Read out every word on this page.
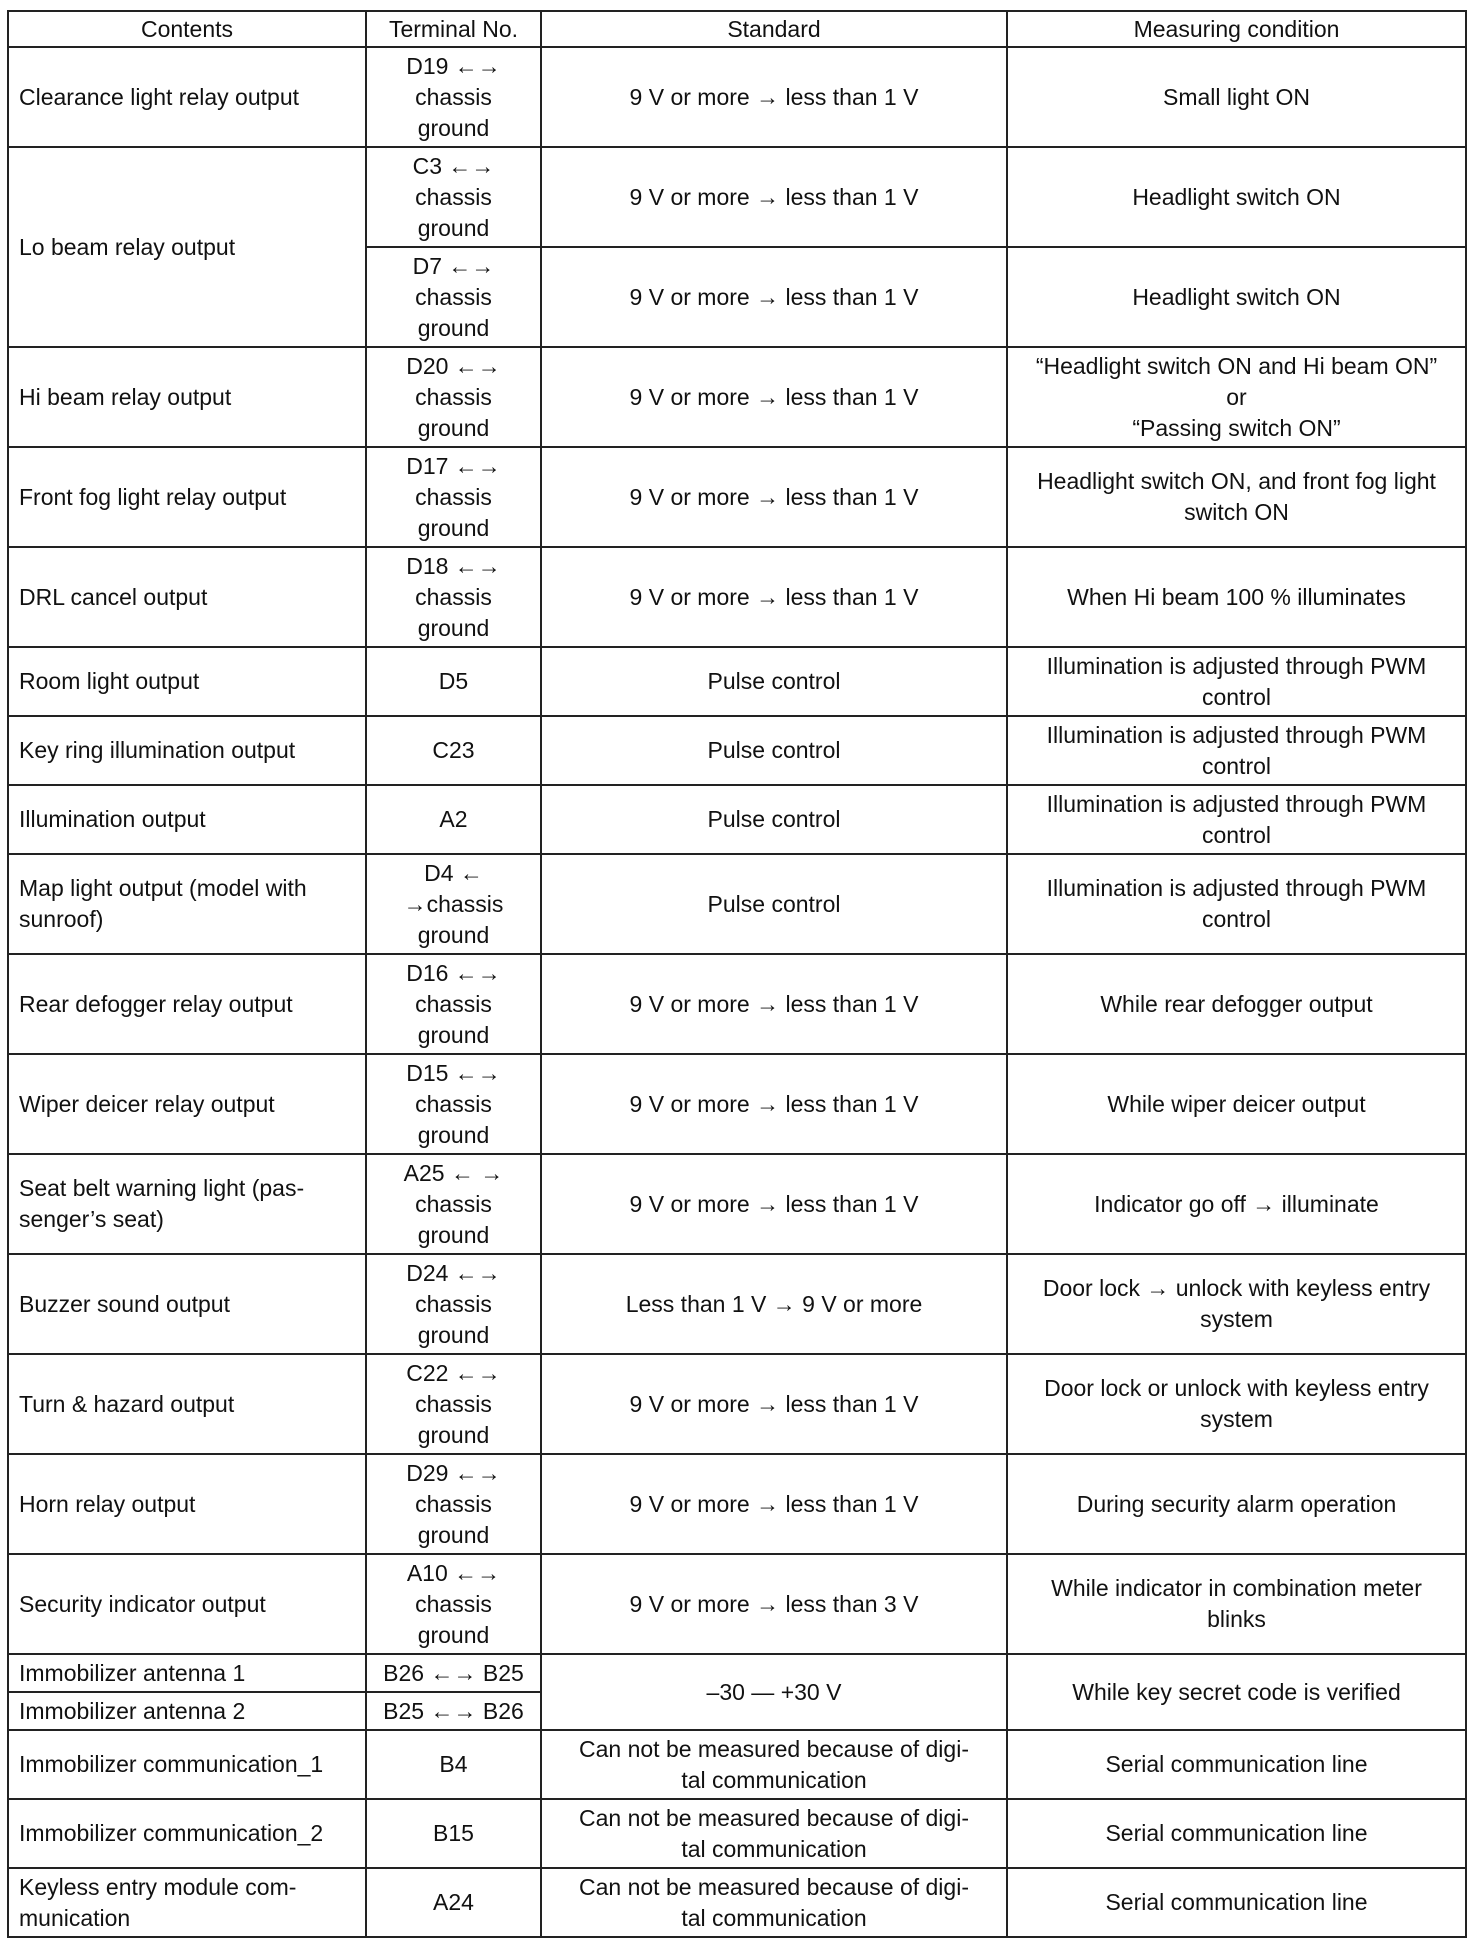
Contents	Terminal No.	Standard	Measuring condition
Clearance light relay output	D19 ←→
chassis
ground	9 V or more → less than 1 V	Small light ON
Lo beam relay output	C3 ←→
chassis
ground	9 V or more → less than 1 V	Headlight switch ON

	D7 ←→
chassis
ground	9 V or more → less than 1 V	Headlight switch ON
Hi beam relay output	D20 ←→
chassis
ground	9 V or more → less than 1 V	“Headlight switch ON and Hi beam ON”
or
“Passing switch ON”

Front fog light relay output	D17 ←→
chassis
ground	9 V or more → less than 1 V	Headlight switch ON, and front fog light
switch ON

DRL cancel output	D18 ←→
chassis
ground	9 V or more → less than 1 V	When Hi beam 100 % illuminates
Room light output	D5	Pulse control	Illumination is adjusted through PWM
control

Key ring illumination output	C23	Pulse control	Illumination is adjusted through PWM
control

Illumination output	A2	Pulse control	Illumination is adjusted through PWM
control

Map light output (model with
sunroof)	D4 ←
→chassis
ground	Pulse control	Illumination is adjusted through PWM
control

Rear defogger relay output	D16 ←→
chassis
ground	9 V or more → less than 1 V	While rear defogger output
Wiper deicer relay output	D15 ←→
chassis
ground	9 V or more → less than 1 V	While wiper deicer output

Seat belt warning light (pas-
senger’s seat)	A25 ← →
chassis
ground	9 V or more → less than 1 V	Indicator go off → illuminate
Buzzer sound output	D24 ←→
chassis
ground	Less than 1 V → 9 V or more	Door lock → unlock with keyless entry
system

Turn & hazard output	C22 ←→
chassis
ground	9 V or more → less than 1 V	Door lock or unlock with keyless entry
system

Horn relay output	D29 ←→
chassis
ground	9 V or more → less than 1 V	During security alarm operation
Security indicator output	A10 ←→
chassis
ground	9 V or more → less than 3 V	While indicator in combination meter
blinks

Immobilizer antenna 1	B26 ←→ B25	–30 — +30 V	While key secret code is verified
Immobilizer antenna 2	B25 ←→ B26		
Immobilizer communication_1	B4	Can not be measured because of digi-
tal communication	Serial communication line
Immobilizer communication_2	B15	Can not be measured because of digi-
tal communication	Serial communication line

Keyless entry module com-
munication	A24	Can not be measured because of digi-
tal communication	Serial communication line
